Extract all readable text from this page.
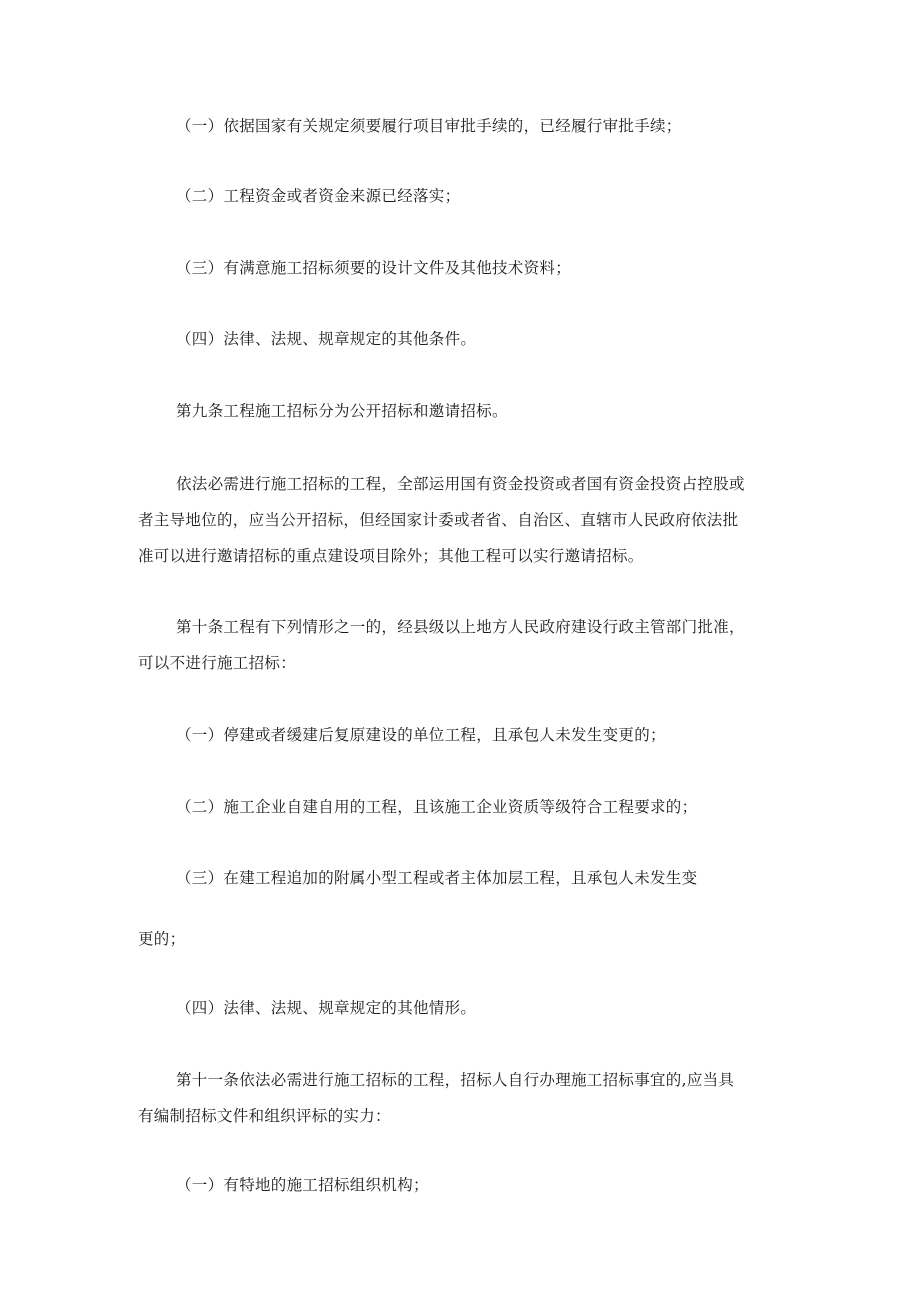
（一）依据国家有关规定须要履行项目审批手续的，已经履行审批手续；
（二）工程资金或者资金来源已经落实；
（三）有满意施工招标须要的设计文件及其他技术资料；
（四）法律、法规、规章规定的其他条件。
第九条工程施工招标分为公开招标和邀请招标。
依法必需进行施工招标的工程，全部运用国有资金投资或者国有资金投资占控股或
者主导地位的，应当公开招标，但经国家计委或者省、自治区、直辖市人民政府依法批
准可以进行邀请招标的重点建设项目除外；其他工程可以实行邀请招标。
第十条工程有下列情形之一的，经县级以上地方人民政府建设行政主管部门批准，
可以不进行施工招标：
（一）停建或者缓建后复原建设的单位工程，且承包人未发生变更的；
（二）施工企业自建自用的工程，且该施工企业资质等级符合工程要求的；
（三）在建工程追加的附属小型工程或者主体加层工程，且承包人未发生变
更的；
（四）法律、法规、规章规定的其他情形。
第十一条依法必需进行施工招标的工程，招标人自行办理施工招标事宜的,应当具
有编制招标文件和组织评标的实力：
（一）有特地的施工招标组织机构；
